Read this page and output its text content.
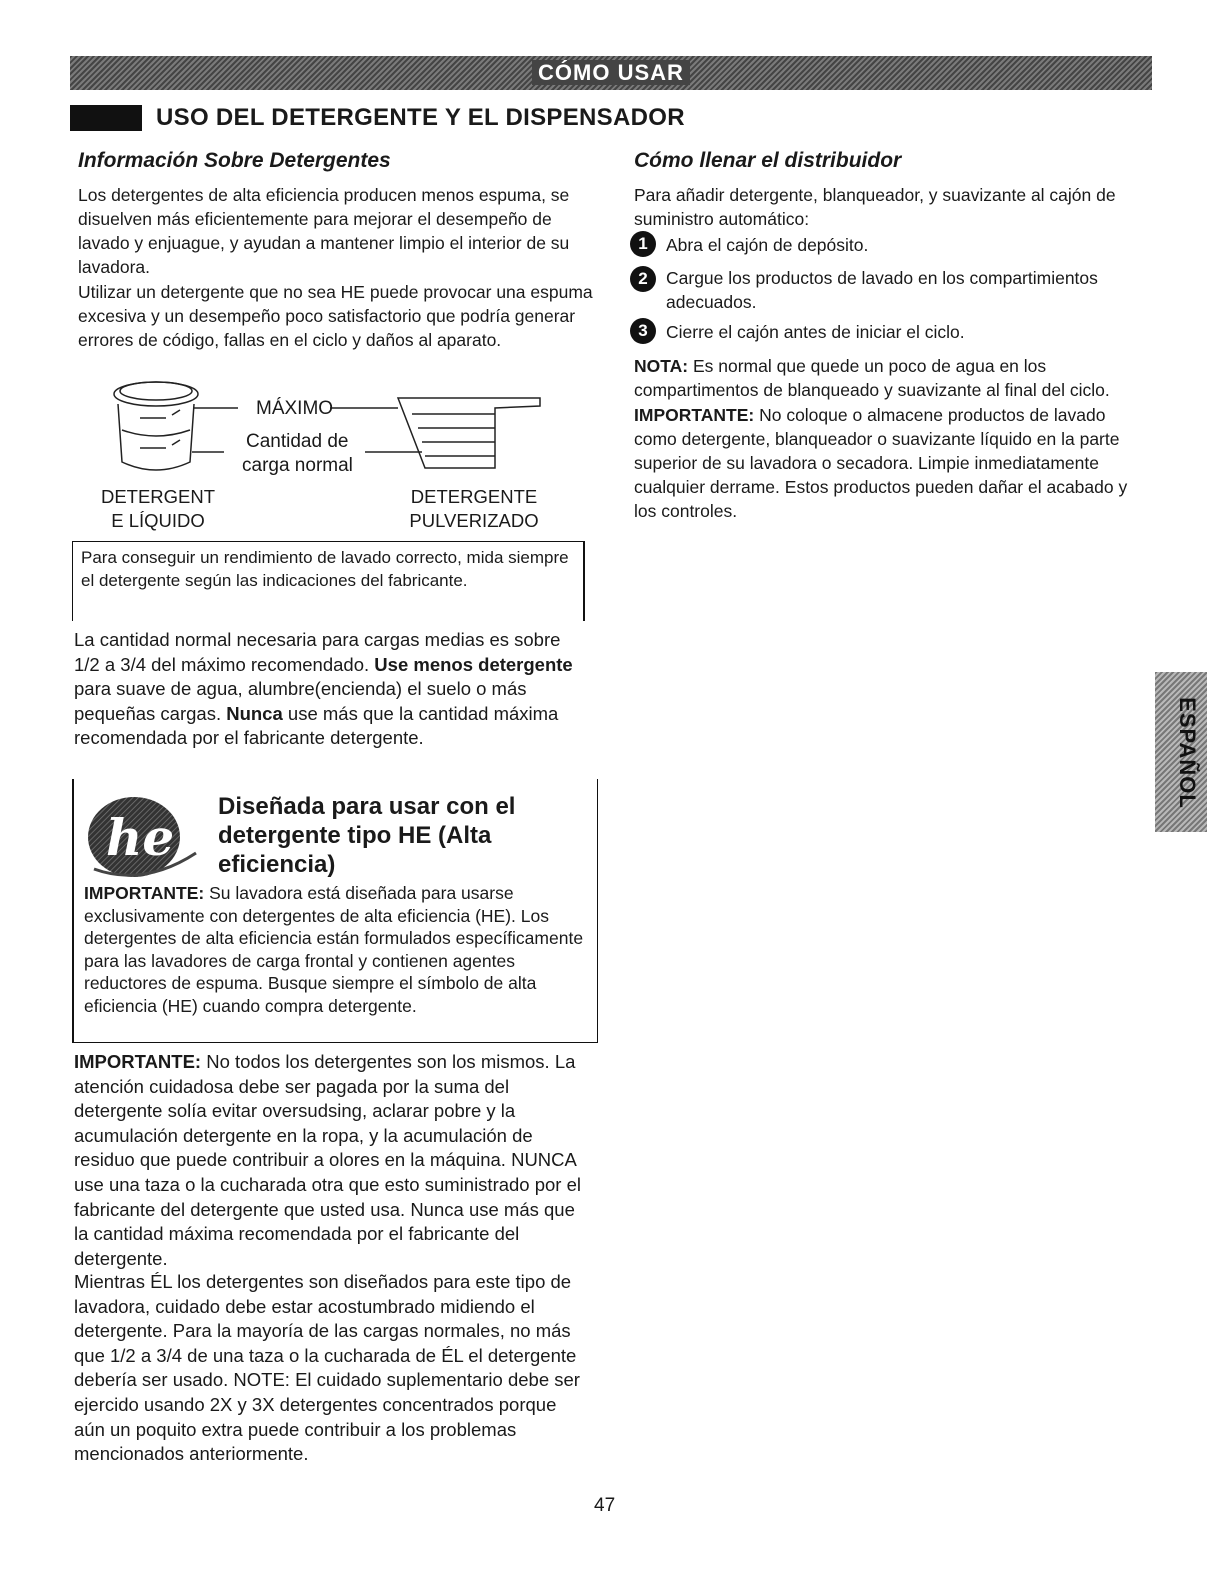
CÓMO USAR
USO DEL DETERGENTE Y EL DISPENSADOR
Información Sobre Detergentes
Los detergentes de alta eficiencia producen menos espuma, se disuelven más eficientemente para mejorar el desempeño de lavado y enjuague, y ayudan a mantener limpio el interior de su lavadora.
Utilizar un detergente que no sea HE puede provocar una espuma excesiva y un desempeño poco satisfactorio que podría generar errores de código, fallas en el ciclo y daños al aparato.
MÁXIMO
Cantidad de
carga normal
DETERGENT
E LÍQUIDO
DETERGENTE
PULVERIZADO
Para conseguir un rendimiento de lavado correcto, mida siempre el detergente según las indicaciones del fabricante.
La cantidad normal necesaria para cargas medias es sobre 1/2 a 3/4 del máximo recomendado. Use menos detergente para suave de agua, alumbre(encienda) el suelo o más pequeñas cargas. Nunca use más que la cantidad máxima recomendada por el fabricante detergente.
he
Diseñada para usar con el detergente tipo HE (Alta eficiencia)
IMPORTANTE: Su lavadora está diseñada para usarse exclusivamente con detergentes de alta eficiencia (HE). Los detergentes de alta eficiencia están formulados específicamente para las lavadores de carga frontal y contienen agentes reductores de espuma. Busque siempre el símbolo de alta eficiencia (HE) cuando compra detergente.
IMPORTANTE: No todos los detergentes son los mismos. La atención cuidadosa debe ser pagada por la suma del detergente solía evitar oversudsing, aclarar pobre y la acumulación detergente en la ropa, y la acumulación de residuo que puede contribuir a olores en la máquina. NUNCA use una taza o la cucharada otra que esto suministrado por el fabricante del detergente que usted usa. Nunca use más que la cantidad máxima recomendada por el fabricante del detergente.
Mientras ÉL los detergentes son diseñados para este tipo de lavadora, cuidado debe estar acostumbrado midiendo el detergente. Para la mayoría de las cargas normales, no más que 1/2 a 3/4 de una taza o la cucharada de ÉL el detergente debería ser usado. NOTE: El cuidado suplementario debe ser ejercido usando 2X y 3X detergentes concentrados porque aún un poquito extra puede contribuir a los problemas mencionados anteriormente.
Cómo llenar el distribuidor
Para añadir detergente, blanqueador, y suavizante al cajón de suministro automático:
1	Abra el cajón de depósito.
2	Cargue los productos de lavado en los compartimientos adecuados.
3	Cierre el cajón antes de iniciar el ciclo.
NOTA: Es normal que quede un poco de agua en los compartimentos de blanqueado y suavizante al final del ciclo.
IMPORTANTE: No coloque o almacene productos de lavado como detergente, blanqueador o suavizante líquido en la parte superior de su lavadora o secadora. Limpie inmediatamente cualquier derrame. Estos productos pueden dañar el acabado y los controles.
ESPAÑOL
47
